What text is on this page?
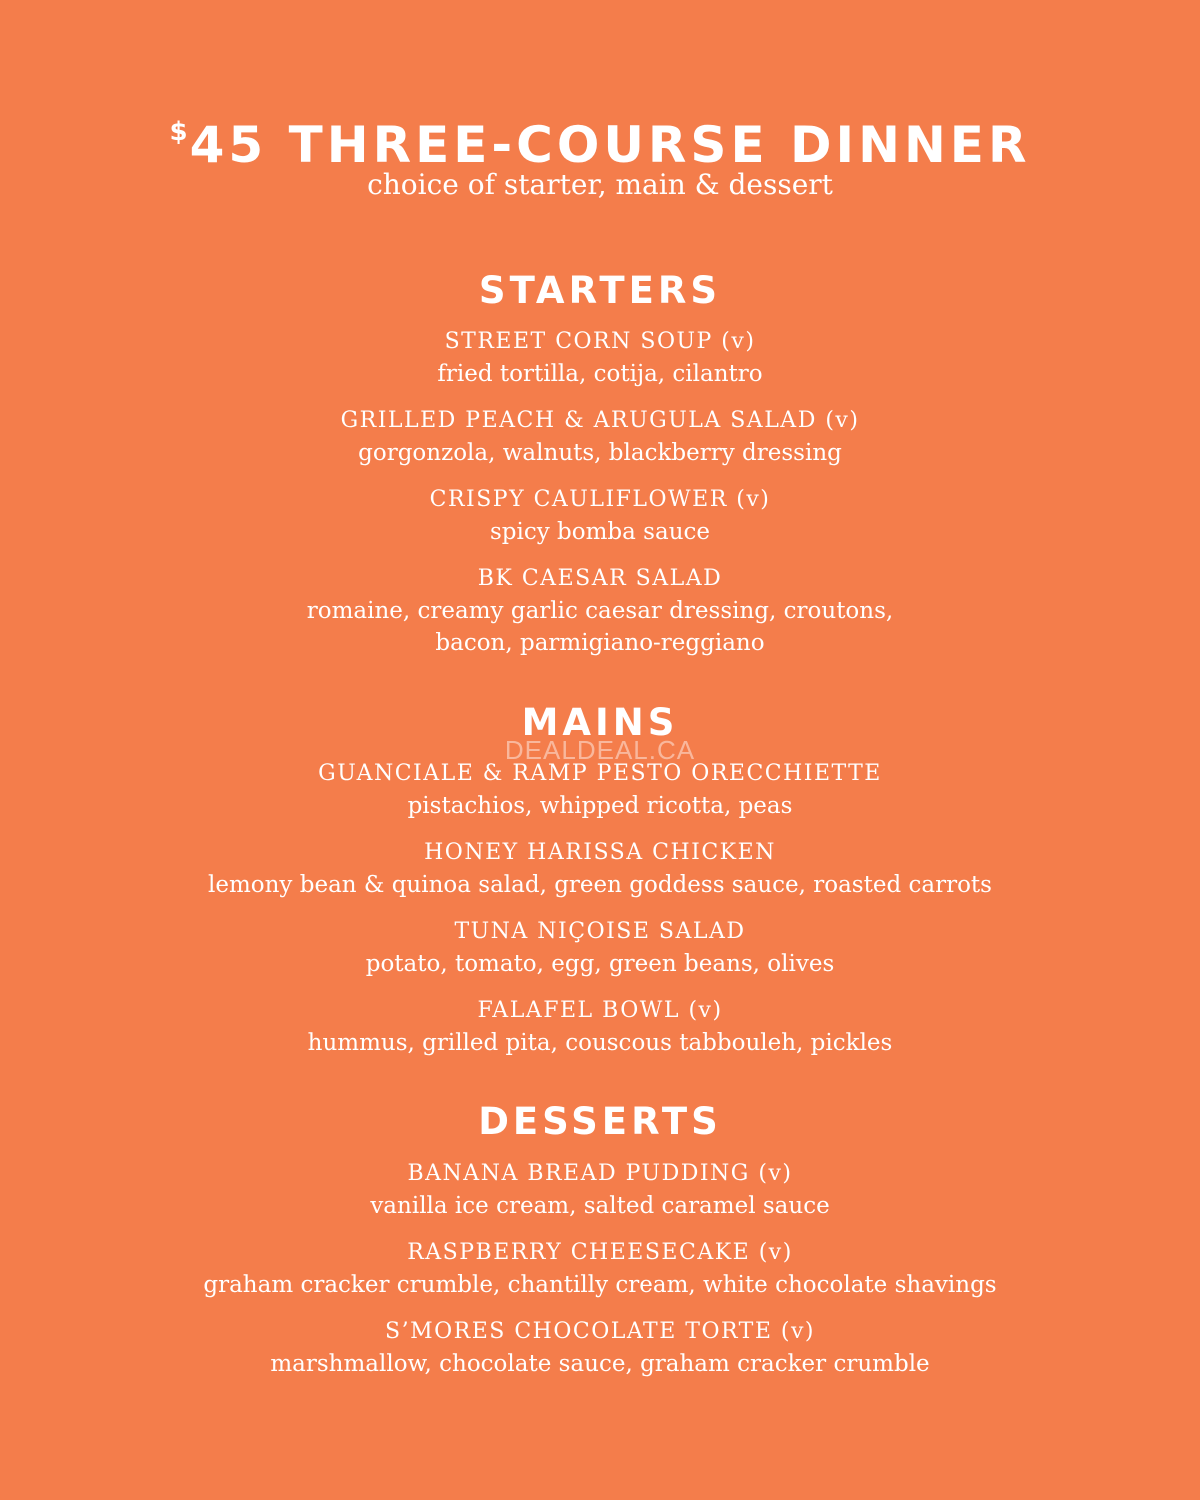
$45 THREE-COURSE DINNER
choice of starter, main & dessert
STARTERS
STREET CORN SOUP (v)
fried tortilla, cotija, cilantro
GRILLED PEACH & ARUGULA SALAD (v)
gorgonzola, walnuts, blackberry dressing
CRISPY CAULIFLOWER (v)
spicy bomba sauce
BK CAESAR SALAD
romaine, creamy garlic caesar dressing, croutons,
bacon, parmigiano-reggiano
MAINS
DEALDEAL.CA
GUANCIALE & RAMP PESTO ORECCHIETTE
pistachios, whipped ricotta, peas
HONEY HARISSA CHICKEN
lemony bean & quinoa salad, green goddess sauce, roasted carrots
TUNA NIÇOISE SALAD
potato, tomato, egg, green beans, olives
FALAFEL BOWL (v)
hummus, grilled pita, couscous tabbouleh, pickles
DESSERTS
BANANA BREAD PUDDING (v)
vanilla ice cream, salted caramel sauce
RASPBERRY CHEESECAKE (v)
graham cracker crumble, chantilly cream, white chocolate shavings
S’MORES CHOCOLATE TORTE (v)
marshmallow, chocolate sauce, graham cracker crumble
